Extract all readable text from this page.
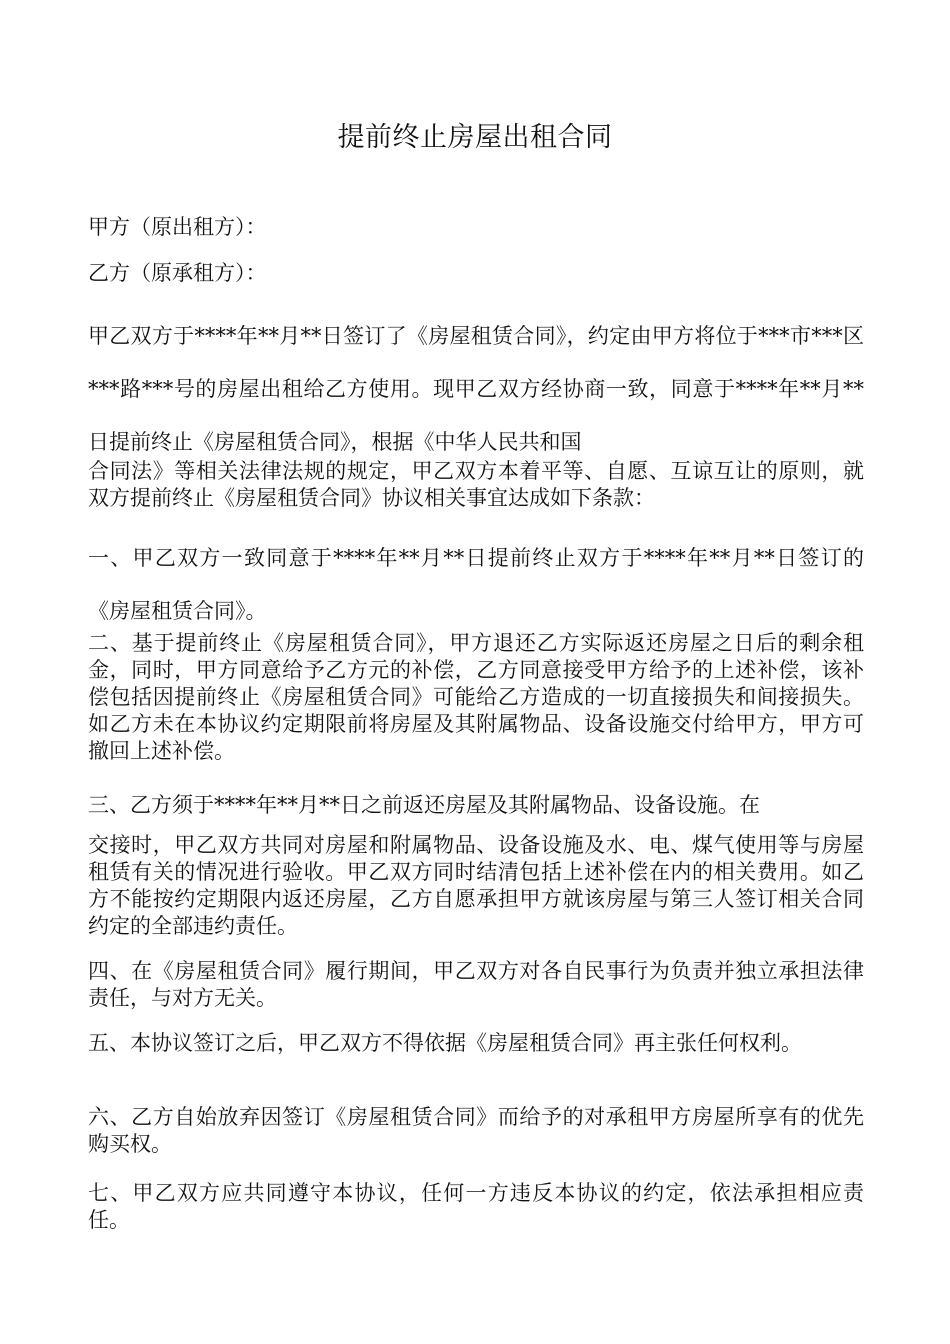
提前终止房屋出租合同

甲方（原出租方）：

乙方（原承租方）：

甲乙双方于****年**月**日签订了《房屋租赁合同》，约定由甲方将位于***市***区***路***号的房屋出租给乙方使用。现甲乙双方经协商一致，同意于****年**月**日提前终止《房屋租赁合同》，根据《中华人民共和国

合同法》等相关法律法规的规定，甲乙双方本着平等、自愿、互谅互让的原则，就双方提前终止《房屋租赁合同》协议相关事宜达成如下条款：

一、甲乙双方一致同意于****年**月**日提前终止双方于****年**月**日签订的《房屋租赁合同》。

二、基于提前终止《房屋租赁合同》，甲方退还乙方实际返还房屋之日后的剩余租金，同时，甲方同意给予乙方元的补偿，乙方同意接受甲方给予的上述补偿，该补偿包括因提前终止《房屋租赁合同》可能给乙方造成的一切直接损失和间接损失。如乙方未在本协议约定期限前将房屋及其附属物品、设备设施交付给甲方，甲方可撤回上述补偿。

三、乙方须于****年**月**日之前返还房屋及其附属物品、设备设施。在

交接时，甲乙双方共同对房屋和附属物品、设备设施及水、电、煤气使用等与房屋租赁有关的情况进行验收。甲乙双方同时结清包括上述补偿在内的相关费用。如乙方不能按约定期限内返还房屋，乙方自愿承担甲方就该房屋与第三人签订相关合同约定的全部违约责任。

四、在《房屋租赁合同》履行期间，甲乙双方对各自民事行为负责并独立承担法律责任，与对方无关。

五、本协议签订之后，甲乙双方不得依据《房屋租赁合同》再主张任何权利。

六、乙方自始放弃因签订《房屋租赁合同》而给予的对承租甲方房屋所享有的优先购买权。

七、甲乙双方应共同遵守本协议，任何一方违反本协议的约定，依法承担相应责任。
